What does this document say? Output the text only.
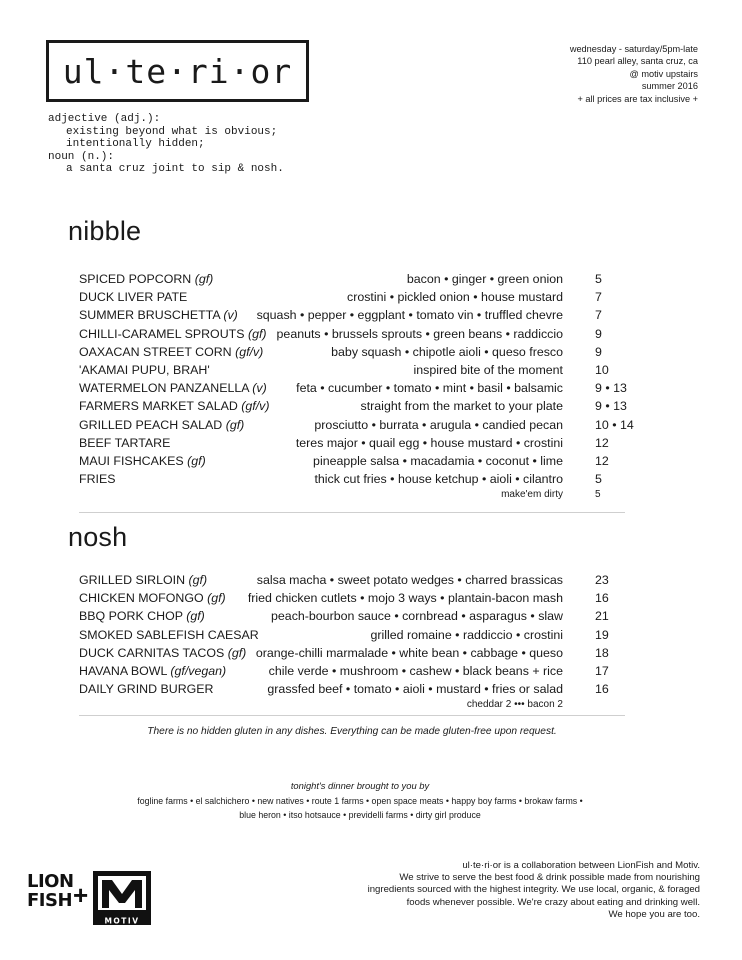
ul·te·ri·or
adjective (adj.):
existing beyond what is obvious;
intentionally hidden;
noun (n.):
a santa cruz joint to sip & nosh.
wednesday - saturday/5pm-late
110 pearl alley, santa cruz, ca
@ motiv upstairs
summer 2016
+ all prices are tax inclusive +
nibble
SPICED POPCORN (gf)	bacon • ginger • green onion	5
DUCK LIVER PATE	crostini • pickled onion • house mustard	7
SUMMER BRUSCHETTA (v) squash • pepper • eggplant • tomato vin • truffled chevre	7
CHILLI-CARAMEL SPROUTS (gf) peanuts • brussels sprouts • green beans • raddiccio	9
OAXACAN STREET CORN (gf/v)	baby squash • chipotle aioli • queso fresco	9
'AKAMAI PUPU, BRAH'	inspired bite of the moment	10
WATERMELON PANZANELLA (v) feta • cucumber • tomato • mint • basil • balsamic	9 • 13
FARMERS MARKET SALAD (gf/v)	straight from the market to your plate	9 • 13
GRILLED PEACH SALAD (gf)	prosciutto • burrata • arugula • candied pecan	10 • 14
BEEF TARTARE	teres major • quail egg • house mustard • crostini	12
MAUI FISHCAKES (gf)	pineapple salsa • macadamia • coconut • lime	12
FRIES	thick cut fries • house ketchup • aioli • cilantro	5
make'em dirty	5
nosh
GRILLED SIRLOIN (gf)	salsa macha • sweet potato wedges • charred brassicas	23
CHICKEN MOFONGO (gf) fried chicken cutlets • mojo 3 ways • plantain-bacon mash	16
BBQ PORK CHOP (gf)	peach-bourbon sauce • cornbread • asparagus • slaw	21
SMOKED SABLEFISH CAESAR	grilled romaine • raddiccio • crostini	19
DUCK CARNITAS TACOS (gf) orange-chilli marmalade • white bean • cabbage • queso	18
HAVANA BOWL (gf/vegan)	chile verde • mushroom • cashew • black beans + rice	17
DAILY GRIND BURGER	grassfed beef • tomato • aioli • mustard • fries or salad	16
cheddar 2 ••• bacon 2
There is no hidden gluten in any dishes. Everything can be made gluten-free upon request.
tonight's dinner brought to you by
fogline farms • el salchichero • new natives • route 1 farms • open space meats • happy boy farms • brokaw farms •
blue heron • itso hotsauce • previdelli farms • dirty girl produce
ul·te·ri·or is a collaboration between LionFish and Motiv.
We strive to serve the best food & drink possible made from nourishing
ingredients sourced with the highest integrity. We use local, organic, & foraged
foods whenever possible. We're crazy about eating and drinking well.
We hope you are too.
LION
FISH +
MOTIV
